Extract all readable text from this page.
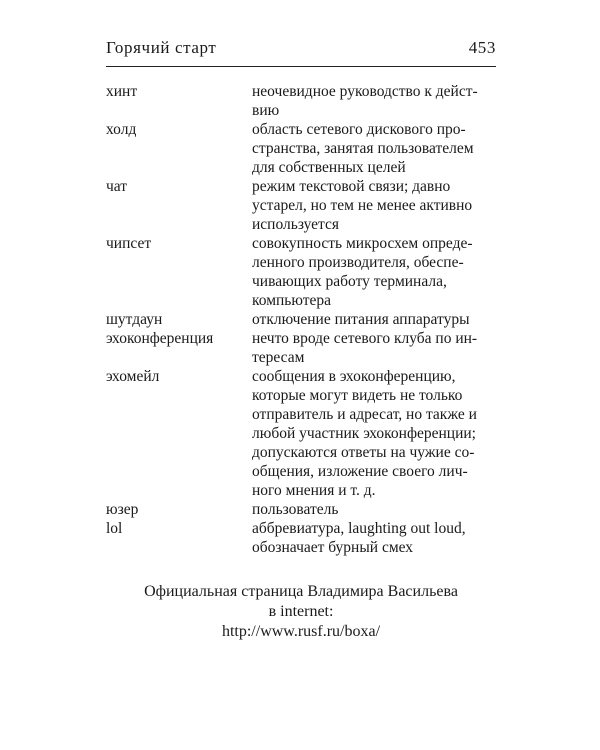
Горячий старт	453
хинт	неочевидное руководство к дейст-
вию
холд	область сетевого дискового про-
странства, занятая пользователем
для собственных целей
чат	режим текстовой связи; давно
устарел, но тем не менее активно
используется
чипсет	совокупность микросхем опреде-
ленного производителя, обеспе-
чивающих работу терминала,
компьютера
шутдаун	отключение питания аппаратуры
эхоконференция	нечто вроде сетевого клуба по ин-
тересам
эхомейл	сообщения в эхоконференцию,
которые могут видеть не только
отправитель и адресат, но также и
любой участник эхоконференции;
допускаются ответы на чужие со-
общения, изложение своего лич-
ного мнения и т. д.
юзер	пользователь
lol	аббревиатура, laughting out loud,
обозначает бурный смех
Официальная страница Владимира Васильева
в internet:
http://www.rusf.ru/boxa/
